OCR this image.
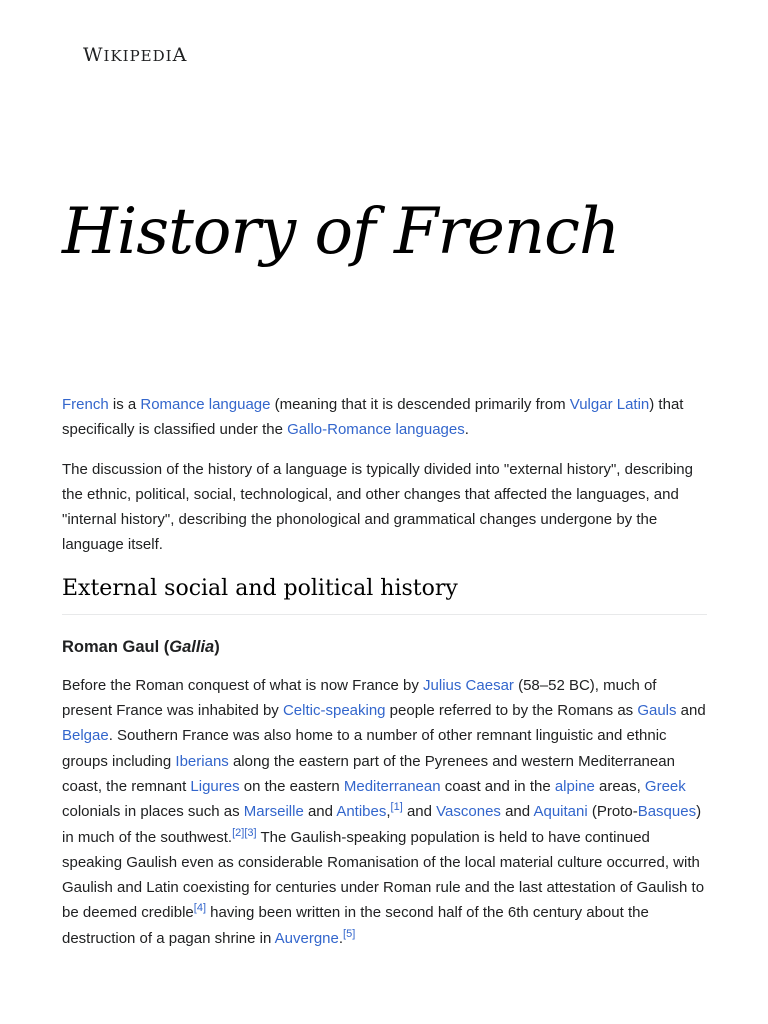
WIKIPEDIA
History of French

French is a Romance language (meaning that it is descended primarily from Vulgar Latin) that specifically is classified under the Gallo-Romance languages.

The discussion of the history of a language is typically divided into "external history", describing the ethnic, political, social, technological, and other changes that affected the languages, and "internal history", describing the phonological and grammatical changes undergone by the language itself.

External social and political history
Roman Gaul (Gallia)

Before the Roman conquest of what is now France by Julius Caesar (58–52 BC), much of present France was inhabited by Celtic-speaking people referred to by the Romans as Gauls and Belgae. Southern France was also home to a number of other remnant linguistic and ethnic groups including Iberians along the eastern part of the Pyrenees and western Mediterranean coast, the remnant Ligures on the eastern Mediterranean coast and in the alpine areas, Greek colonials in places such as Marseille and Antibes,[1] and Vascones and Aquitani (Proto-Basques) in much of the southwest.[2][3] The Gaulish-speaking population is held to have continued speaking Gaulish even as considerable Romanisation of the local material culture occurred, with Gaulish and Latin coexisting for centuries under Roman rule and the last attestation of Gaulish to be deemed credible[4] having been written in the second half of the 6th century about the destruction of a pagan shrine in Auvergne.[5]
